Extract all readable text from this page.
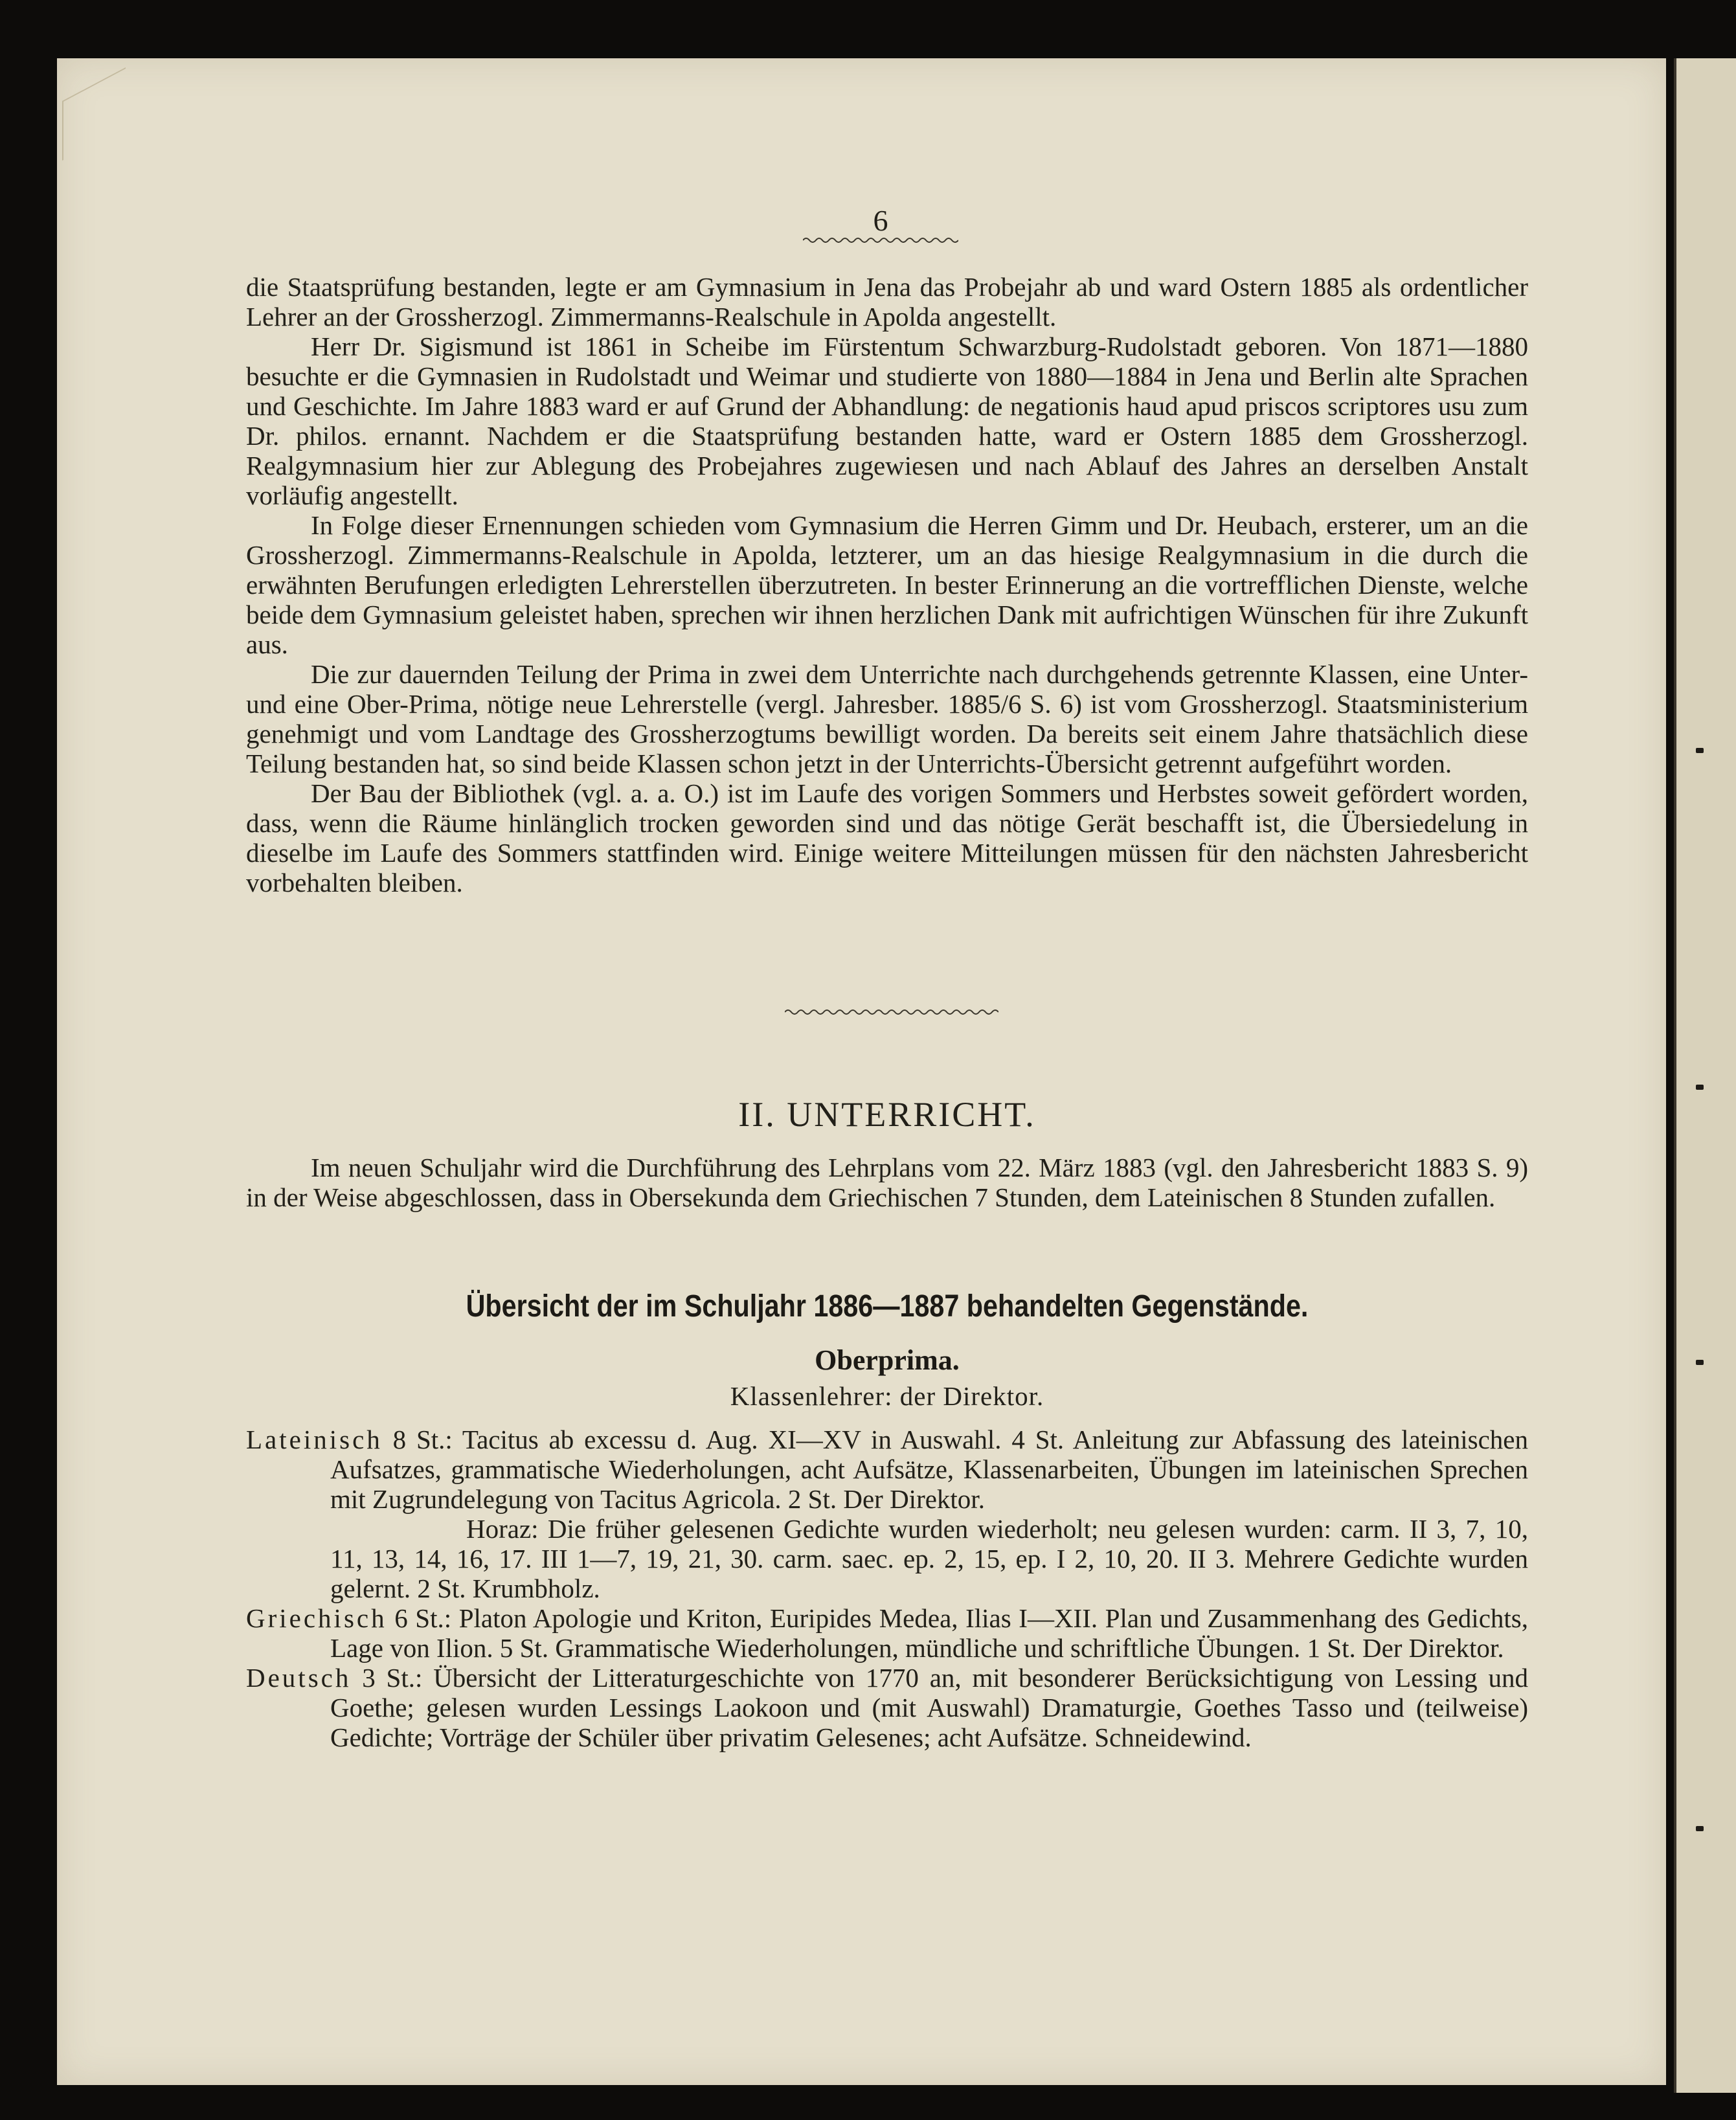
6

die Staatsprüfung bestanden, legte er am Gymnasium in Jena das Probejahr ab und ward Ostern 1885 als ordentlicher Lehrer an der Grossherzogl. Zimmermanns-Realschule in Apolda angestellt.

Herr Dr. Sigismund ist 1861 in Scheibe im Fürstentum Schwarzburg-Rudolstadt geboren. Von 1871—1880 besuchte er die Gymnasien in Rudolstadt und Weimar und studierte von 1880—1884 in Jena und Berlin alte Sprachen und Geschichte. Im Jahre 1883 ward er auf Grund der Abhandlung: de negationis haud apud priscos scriptores usu zum Dr. philos. ernannt. Nachdem er die Staatsprüfung bestanden hatte, ward er Ostern 1885 dem Grossherzogl. Realgymnasium hier zur Ablegung des Probejahres zugewiesen und nach Ablauf des Jahres an derselben Anstalt vorläufig angestellt.

In Folge dieser Ernennungen schieden vom Gymnasium die Herren Gimm und Dr. Heubach, ersterer, um an die Grossherzogl. Zimmermanns-Realschule in Apolda, letzterer, um an das hiesige Realgymnasium in die durch die erwähnten Berufungen erledigten Lehrerstellen überzutreten. In bester Erinnerung an die vortrefflichen Dienste, welche beide dem Gymnasium geleistet haben, sprechen wir ihnen herzlichen Dank mit aufrichtigen Wünschen für ihre Zukunft aus.

Die zur dauernden Teilung der Prima in zwei dem Unterrichte nach durchgehends getrennte Klassen, eine Unter- und eine Ober-Prima, nötige neue Lehrerstelle (vergl. Jahresber. 1885/6 S. 6) ist vom Grossherzogl. Staatsministerium genehmigt und vom Landtage des Grossherzogtums bewilligt worden. Da bereits seit einem Jahre thatsächlich diese Teilung bestanden hat, so sind beide Klassen schon jetzt in der Unterrichts-Übersicht getrennt aufgeführt worden.

Der Bau der Bibliothek (vgl. a. a. O.) ist im Laufe des vorigen Sommers und Herbstes soweit gefördert worden, dass, wenn die Räume hinlänglich trocken geworden sind und das nötige Gerät beschafft ist, die Übersiedelung in dieselbe im Laufe des Sommers stattfinden wird. Einige weitere Mitteilungen müssen für den nächsten Jahresbericht vorbehalten bleiben.

II. UNTERRICHT.

Im neuen Schuljahr wird die Durchführung des Lehrplans vom 22. März 1883 (vgl. den Jahresbericht 1883 S. 9) in der Weise abgeschlossen, dass in Obersekunda dem Griechischen 7 Stunden, dem Lateinischen 8 Stunden zufallen.

Übersicht der im Schuljahr 1886—1887 behandelten Gegenstände.
Oberprima.
Klassenlehrer: der Direktor.

Lateinisch 8 St.: Tacitus ab excessu d. Aug. XI—XV in Auswahl. 4 St. Anleitung zur Abfassung des lateinischen Aufsatzes, grammatische Wiederholungen, acht Aufsätze, Klassenarbeiten, Übungen im lateinischen Sprechen mit Zugrundelegung von Tacitus Agricola. 2 St. Der Direktor.

Horaz: Die früher gelesenen Gedichte wurden wiederholt; neu gelesen wurden: carm. II 3, 7, 10, 11, 13, 14, 16, 17. III 1—7, 19, 21, 30. carm. saec. ep. 2, 15, ep. I 2, 10, 20. II 3. Mehrere Gedichte wurden gelernt. 2 St. Krumbholz.

Griechisch 6 St.: Platon Apologie und Kriton, Euripides Medea, Ilias I—XII. Plan und Zusammenhang des Gedichts, Lage von Ilion. 5 St. Grammatische Wiederholungen, mündliche und schriftliche Übungen. 1 St. Der Direktor.

Deutsch 3 St.: Übersicht der Litteraturgeschichte von 1770 an, mit besonderer Berücksichtigung von Lessing und Goethe; gelesen wurden Lessings Laokoon und (mit Auswahl) Dramaturgie, Goethes Tasso und (teilweise) Gedichte; Vorträge der Schüler über privatim Gelesenes; acht Aufsätze. Schneidewind.
